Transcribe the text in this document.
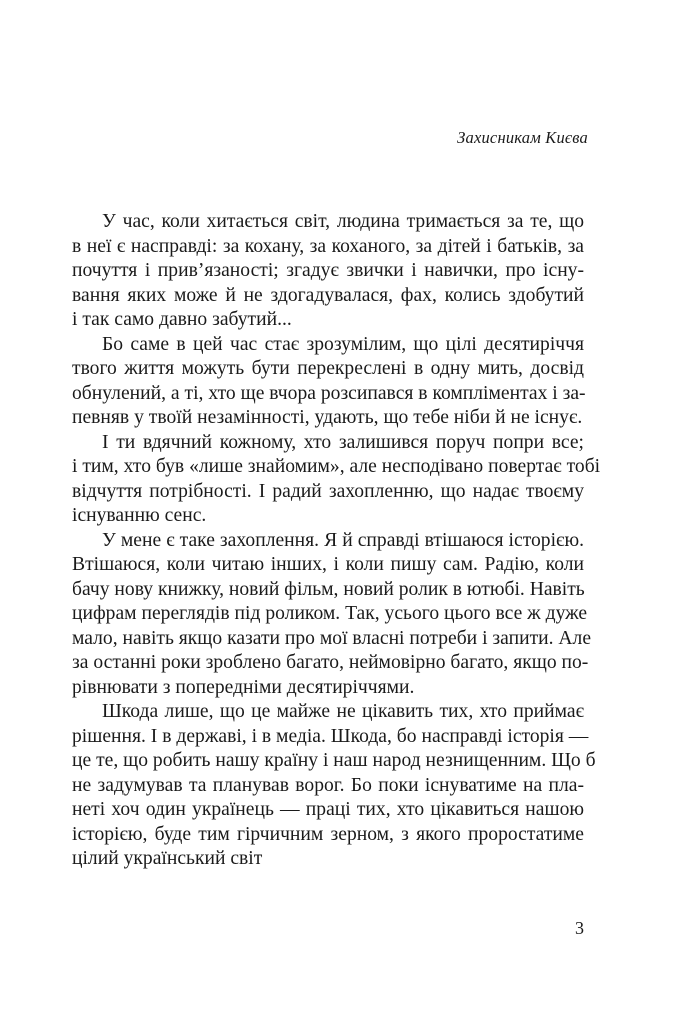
Захисникам Києва
У час, коли хитається світ, людина тримається за те, що
в неї є насправді: за кохану, за коханого, за дітей і батьків, за
почуття і прив’язаності; згадує звички і навички, про існу-
вання яких може й не здогадувалася, фах, колись здобутий
і так само давно забутий...
Бо саме в цей час стає зрозумілим, що цілі десятиріччя
твого життя можуть бути перекреслені в одну мить, досвід
обнулений, а ті, хто ще вчора розсипався в компліментах і за-
певняв у твоїй незамінності, удають, що тебе ніби й не існує.
І ти вдячний кожному, хто залишився поруч попри все;
і тим, хто був «лише знайомим», але несподівано повертає тобі
відчуття потрібності. І радий захопленню, що надає твоєму
існуванню сенс.
У мене є таке захоплення. Я й справді втішаюся історією.
Втішаюся, коли читаю інших, і коли пишу сам. Радію, коли
бачу нову книжку, новий фільм, новий ролик в ютюбі. Навіть
цифрам переглядів під роликом. Так, усього цього все ж дуже
мало, навіть якщо казати про мої власні потреби і запити. Але
за останні роки зроблено багато, неймовірно багато, якщо по-
рівнювати з попередніми десятиріччями.
Шкода лише, що це майже не цікавить тих, хто приймає
рішення. І в державі, і в медіа. Шкода, бо насправді історія —
це те, що робить нашу країну і наш народ незнищенним. Що б
не задумував та планував ворог. Бо поки існуватиме на пла-
неті хоч один українець — праці тих, хто цікавиться нашою
історією, буде тим гірчичним зерном, з якого проростатиме
цілий український світ
3
